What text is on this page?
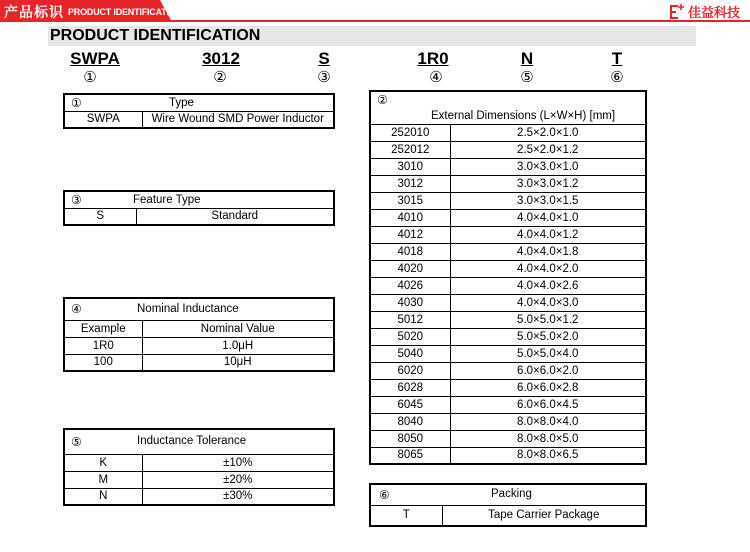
产品标识 PRODUCT IDENTIFICATION	佳益科技
PRODUCT IDENTIFICATION
SWPA
①
3012
②
S
③
1R0
④
N
⑤
T
⑥
①	Type

SWPA	Wire Wound SMD Power Inductor
③	Feature Type

S	Standard
④ Nominal Inductance	

Example	Nominal Value
1R0	1.0μH
100	10μH
⑤ Inductance Tolerance	

K	±10%
M	±20%
N	±30%
②
External Dimensions (L×W×H) [mm]	

252010	2.5×2.0×1.0
252012	2.5×2.0×1.2
3010	3.0×3.0×1.0
3012	3.0×3.0×1.2
3015	3.0×3.0×1.5
4010	4.0×4.0×1.0
4012	4.0×4.0×1.2
4018	4.0×4.0×1.8
4020	4.0×4.0×2.0
4026	4.0×4.0×2.6
4030	4.0×4.0×3.0
5012	5.0×5.0×1.2
5020	5.0×5.0×2.0
5040	5.0×5.0×4.0
6020	6.0×6.0×2.0
6028	6.0×6.0×2.8
6045	6.0×6.0×4.5
8040	8.0×8.0×4.0
8050	8.0×8.0×5.0
8065	8.0×8.0×6.5
⑥	Packing

T	Tape Carrier Package
